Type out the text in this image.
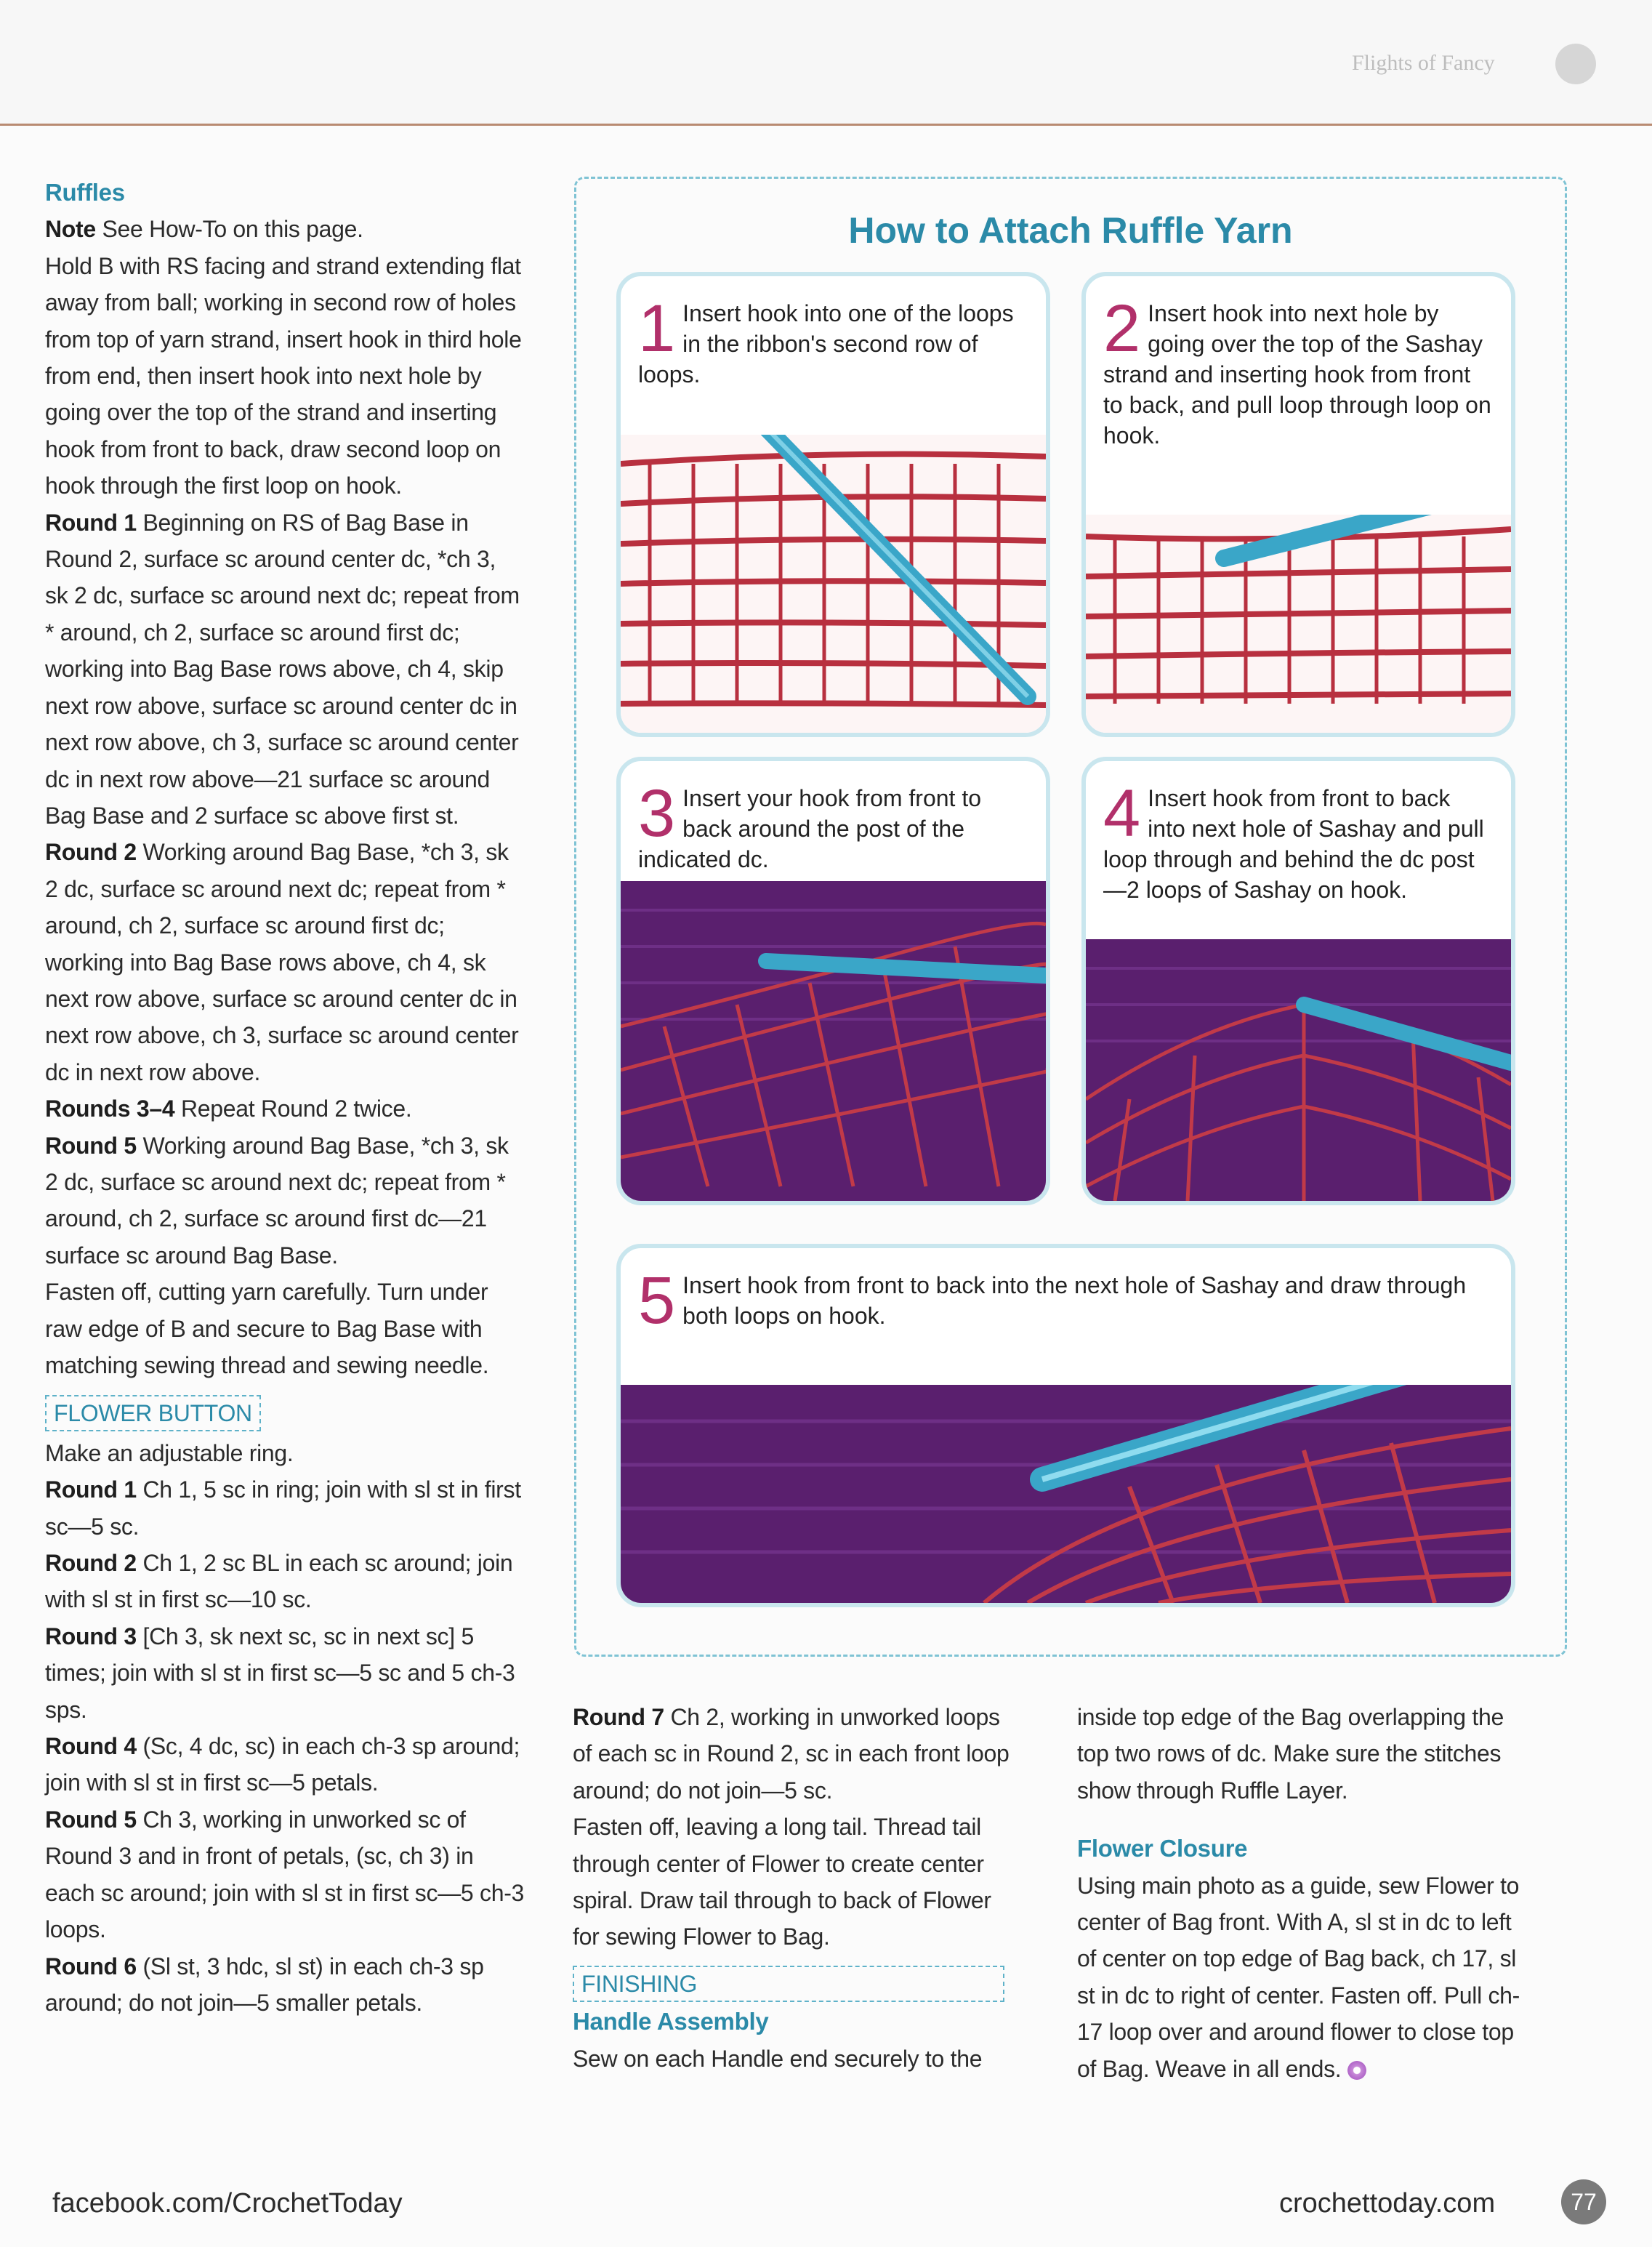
Flights of Fancy

Ruffles

Note See How-To on this page.

Hold B with RS facing and strand extending flat away from ball; working in second row of holes from top of yarn strand, insert hook in third hole from end, then insert hook into next hole by going over the top of the strand and inserting hook from front to back, draw second loop on hook through the first loop on hook.

Round 1 Beginning on RS of Bag Base in Round 2, surface sc around center dc, *ch 3, sk 2 dc, surface sc around next dc; repeat from * around, ch 2, surface sc around first dc; working into Bag Base rows above, ch 4, skip next row above, surface sc around center dc in next row above, ch 3, surface sc around center dc in next row above—21 surface sc around Bag Base and 2 surface sc above first st.

Round 2 Working around Bag Base, *ch 3, sk 2 dc, surface sc around next dc; repeat from * around, ch 2, surface sc around first dc; working into Bag Base rows above, ch 4, sk next row above, surface sc around center dc in next row above, ch 3, surface sc around center dc in next row above.

Rounds 3–4 Repeat Round 2 twice.

Round 5 Working around Bag Base, *ch 3, sk 2 dc, surface sc around next dc; repeat from * around, ch 2, surface sc around first dc—21 surface sc around Bag Base.

Fasten off, cutting yarn carefully. Turn under raw edge of B and secure to Bag Base with matching sewing thread and sewing needle.

FLOWER BUTTON

Make an adjustable ring.

Round 1 Ch 1, 5 sc in ring; join with sl st in first sc—5 sc.

Round 2 Ch 1, 2 sc BL in each sc around; join with sl st in first sc—10 sc.

Round 3 [Ch 3, sk next sc, sc in next sc] 5 times; join with sl st in first sc—5 sc and 5 ch-3 sps.

Round 4 (Sc, 4 dc, sc) in each ch-3 sp around; join with sl st in first sc—5 petals.

Round 5 Ch 3, working in unworked sc of Round 3 and in front of petals, (sc, ch 3) in each sc around; join with sl st in first sc—5 ch-3 loops.

Round 6 (Sl st, 3 hdc, sl st) in each ch-3 sp around; do not join—5 smaller petals.

How to Attach Ruffle Yarn
1 Insert hook into one of the loops in the ribbon's second row of loops.
2 Insert hook into next hole by going over the top of the Sashay strand and inserting hook from front to back, and pull loop through loop on hook.
3 Insert your hook from front to back around the post of the indicated dc.
4 Insert hook from front to back into next hole of Sashay and pull loop through and behind the dc post—2 loops of Sashay on hook.
5 Insert hook from front to back into the next hole of Sashay and draw through both loops on hook.

Round 7 Ch 2, working in unworked loops of each sc in Round 2, sc in each front loop around; do not join—5 sc.

Fasten off, leaving a long tail. Thread tail through center of Flower to create center spiral. Draw tail through to back of Flower for sewing Flower to Bag.

FINISHING

Handle Assembly

Sew on each Handle end securely to the

inside top edge of the Bag overlapping the top two rows of dc. Make sure the stitches show through Ruffle Layer.

Flower Closure

Using main photo as a guide, sew Flower to center of Bag front. With A, sl st in dc to left of center on top edge of Bag back, ch 17, sl st in dc to right of center. Fasten off. Pull ch-17 loop over and around flower to close top of Bag. Weave in all ends.

facebook.com/CrochetToday	crochettoday.com	77
